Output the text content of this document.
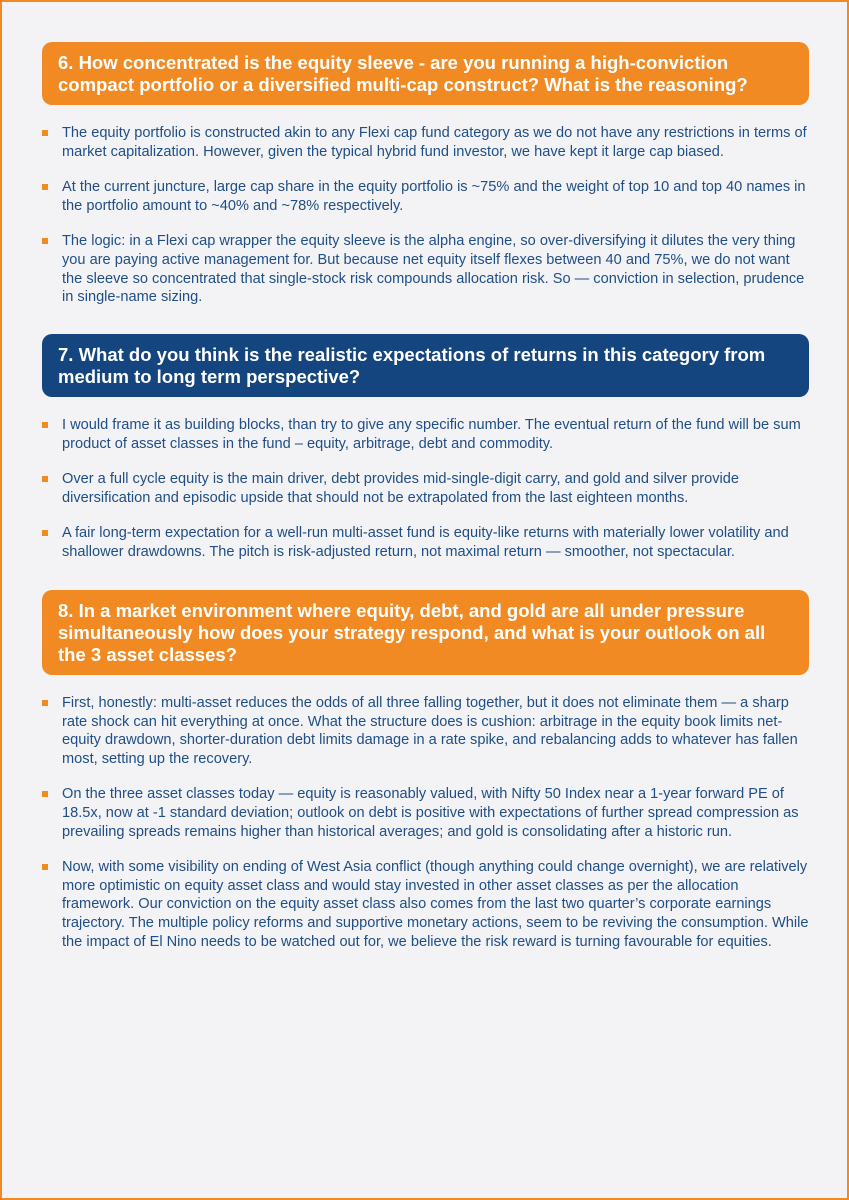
6. How concentrated is the equity sleeve - are you running a high-conviction compact portfolio or a diversified multi-cap construct? What is the reasoning?
The equity portfolio is constructed akin to any Flexi cap fund category as we do not have any restrictions in terms of market capitalization. However, given the typical hybrid fund investor, we have kept it large cap biased.
At the current juncture, large cap share in the equity portfolio is ~75% and the weight of top 10 and top 40 names in the portfolio amount to ~40% and ~78% respectively.
The logic: in a Flexi cap wrapper the equity sleeve is the alpha engine, so over-diversifying it dilutes the very thing you are paying active management for. But because net equity itself flexes between 40 and 75%, we do not want the sleeve so concentrated that single-stock risk compounds allocation risk. So — conviction in selection, prudence in single-name sizing.
7. What do you think is the realistic expectations of returns in this category from medium to long term perspective?
I would frame it as building blocks, than try to give any specific number. The eventual return of the fund will be sum product of asset classes in the fund – equity, arbitrage, debt and commodity.
Over a full cycle equity is the main driver, debt provides mid-single-digit carry, and gold and silver provide diversification and episodic upside that should not be extrapolated from the last eighteen months.
A fair long-term expectation for a well-run multi-asset fund is equity-like returns with materially lower volatility and shallower drawdowns. The pitch is risk-adjusted return, not maximal return — smoother, not spectacular.
8. In a market environment where equity, debt, and gold are all under pressure simultaneously how does your strategy respond, and what is your outlook on all the 3 asset classes?
First, honestly: multi-asset reduces the odds of all three falling together, but it does not eliminate them — a sharp rate shock can hit everything at once. What the structure does is cushion: arbitrage in the equity book limits net-equity drawdown, shorter-duration debt limits damage in a rate spike, and rebalancing adds to whatever has fallen most, setting up the recovery.
On the three asset classes today — equity is reasonably valued, with Nifty 50 Index near a 1-year forward PE of 18.5x, now at -1 standard deviation; outlook on debt is positive with expectations of further spread compression as prevailing spreads remains higher than historical averages; and gold is consolidating after a historic run.
Now, with some visibility on ending of West Asia conflict (though anything could change overnight), we are relatively more optimistic on equity asset class and would stay invested in other asset classes as per the allocation framework. Our conviction on the equity asset class also comes from the last two quarter’s corporate earnings trajectory. The multiple policy reforms and supportive monetary actions, seem to be reviving the consumption. While the impact of El Nino needs to be watched out for, we believe the risk reward is turning favourable for equities.
